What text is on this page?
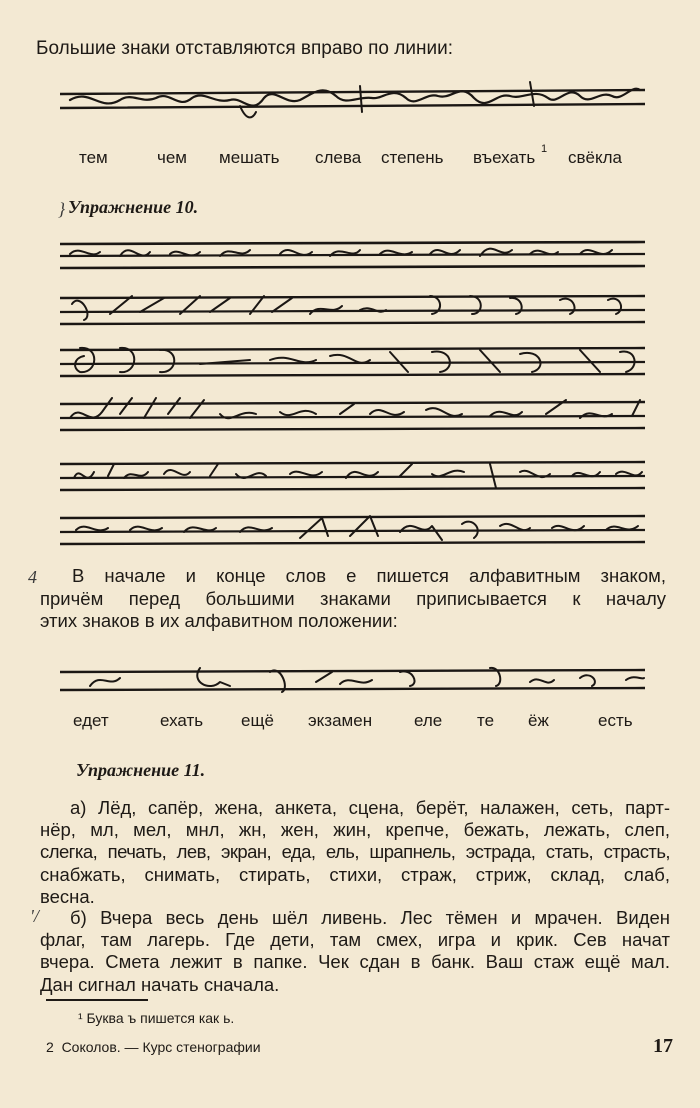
Большие знаки отставляются вправо по линии:
тем	чем мешать слева степень въехать 1 свёкла
} Упражнение 10.
4 В начале и конце слов е пишется алфавитным знаком,
причём перед большими знаками приписывается к началу
этих знаков в их алфавитном положении:
едет	ехать ещё экзамен еле те ёж	есть
Упражнение 11.
а) Лёд, сапёр, жена, анкета, сцена, берёт, налажен, сеть, парт-
нёр, мл, мел, мнл, жн, жен, жин, крепче, бежать, лежать, слеп,
слегка, печать, лев, экран, еда, ель, шрапнель, эстрада, стать, страсть,
снабжать, снимать, стирать, стихи, страж, стриж, склад, слаб,
весна.
'/ б) Вчера весь день шёл ливень. Лес тёмен и мрачен. Виден
флаг, там лагерь. Где дети, там смех, игра и крик. Сев начат
вчера. Смета лежит в папке. Чек сдан в банк. Ваш стаж ещё мал.
Дан сигнал начать сначала.
¹ Буква ъ пишется как ь.
2  Соколов. — Курс стенографии	17
